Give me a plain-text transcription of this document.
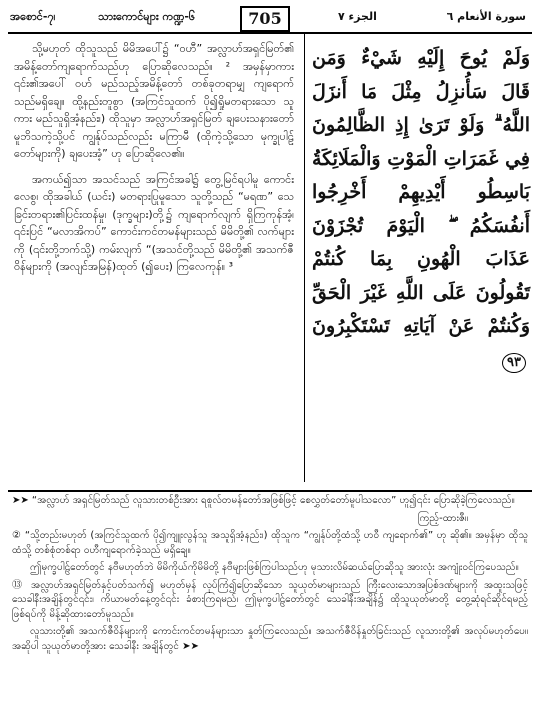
အစောင်-၇၊	သားကောင်များ ကဏ္ဍ-၆	705	الجزء ٧	سورة الأنعام ٦

သို့မဟုတ် ထိုသူသည် မိမိအပေါ်၌ “ဝဟီ” အလ္လာဟ်အရှင်မြတ်၏ အမိန့်တော်ကျရောက်သည်ဟု ပြောဆိုလေသည်။ ² အမှန်မှာကား ၎င်း၏အပေါ် ဝဟ် မည်သည့်အမိန့်တော် တစ်ခုတရာမျှ ကျရောက်သည်မရှိချေ။ ထို့နည်းတူစွာ (အကြင်သူထက် ပို၍ရှိုမတရားသော သူကား မည်သူရှိအံ့နည်း၊) ထိုသူမှာ အလ္လာဟ်အရှင်မြတ် ချပေးသနားတော်မူဘိသကဲ့သို့ပင် ကျွန်ုပ်သည်လည်း မကြာမီ (ထိုကဲ့သို့သော မုက္ခုပါဠ်တော်များကို) ချပေးအံ့” ဟု ပြောဆိုလေ၏။

အကယ်၍သာ အသင်သည် အကြင်အခါ၌ တွေ့မြင်ရပါမူ ကောင်းလေစွ၊ ထိုအခါယ် (ယင်း) မတရားပြုမူသော သူတို့သည် “မရဏ” သေခြင်းတရား၏ပြင်းထန်မှု၊ (ဒုက္ခများ)တို့၌ ကျရောက်လျက် ရှိကြကုန်အံ့၊ ၎င်းပြင် “မလာအိကပ်” ကောင်းကင်တမန်များသည် မိမိတို့၏ လက်များကို (၎င်းတို့ဘက်သို့) ကမ်းလျက် “(အသင်တို့သည် မိမိတို့၏ အသက်ဇီဝိန်များကို (အလျင်အမြန်)ထုတ် (၍ပေး) ကြလေကုန်။ ³

وَلَمْ يُوحَ إِلَيْهِ شَيْءٌ وَمَن قَالَ سَأُنزِلُ مِثْلَ مَا أَنزَلَ اللَّهُ ۗ وَلَوْ تَرَىٰ إِذِ الظَّالِمُونَ فِي غَمَرَاتِ الْمَوْتِ وَالْمَلَائِكَةُ بَاسِطُو أَيْدِيهِمْ أَخْرِجُوا أَنفُسَكُمُ ۖ الْيَوْمَ تُجْزَوْنَ عَذَابَ الْهُونِ بِمَا كُنتُمْ تَقُولُونَ عَلَى اللَّهِ غَيْرَ الْحَقِّ وَكُنتُمْ عَنْ آيَاتِهِ تَسْتَكْبِرُونَ ٩٣
➤➤ “အလ္လာဟ် အရှင်မြတ်သည် လူသားတစ်ဦးအား ရစူလ်တမန်တော်အဖြစ်ဖြင့် စေလွှတ်တော်မူပါသလော” ဟူ၍၎င်း ပြောဆိုခဲ့ကြလေသည်။
ကြည့်-ထားဇီ။
② “သို့တည်းမဟုတ် (အကြင်သူထက် ပို၍ကျူးလွန်သူ အသူရှိအံ့နည်း၊) ထိုသူက “ကျွန်ုပ်တို့ထံသို့ ဟဝီ ကျရောက်၏” ဟု ဆို၏။ အမှန်မှာ ထိုသူထံသို့ တစ်စုံတစ်ရာ ဝဟီကျရောက်ခဲ့သည် မရှိချေ။
ဤမုက္ခပါဠ်တော်တွင် နဗီမဟုတ်ဘဲ မိမိကိုယ်ကိုမိမိတို့ နဗီများဖြစ်ကြပါသည်ဟု မုသားလိမ်ဆယ်ပြောဆိုသူ အားလုံး အကျုံးဝင်ကြပေသည်။
⑬ အလ္လာဟ်အရှင်မြတ်နှင့်ပတ်သက်၍ မဟုတ်မှန် လုပ်ကြံ၍ပြောဆိုသော သူယုတ်မာများသည် ကြီးလေးသောအပြစ်ဒဏ်များကို အထူးသဖြင့် သေခါနီးအချိန်တွင်၎င်း၊ ကိယာမတ်နေ့တွင်၎င်း ခံစားကြရမည်၊ ဤမုက္ခပါဠ်တော်တွင် သေခါနီးအချိန်၌ ထိုသူယုတ်မာတို့ တွေ့ဆုံရင်ဆိုင်ရမည့်ဖြစ်ရပ်ကို မိန့်ဆိုထားတော်မူသည်။
လူသားတို့၏ အသက်ဇီဝိန်များကို ကောင်းကင်တမန်များသာ နှုတ်ကြလေသည်။ အသက်ဇီဝိန်နှုတ်ခြင်းသည် လူသားတို့၏ အလုပ်မဟုတ်ပေ။ အဆိုပါ သူယုတ်မာတို့အား သေခါနီး အချိန်တွင် ➤➤
